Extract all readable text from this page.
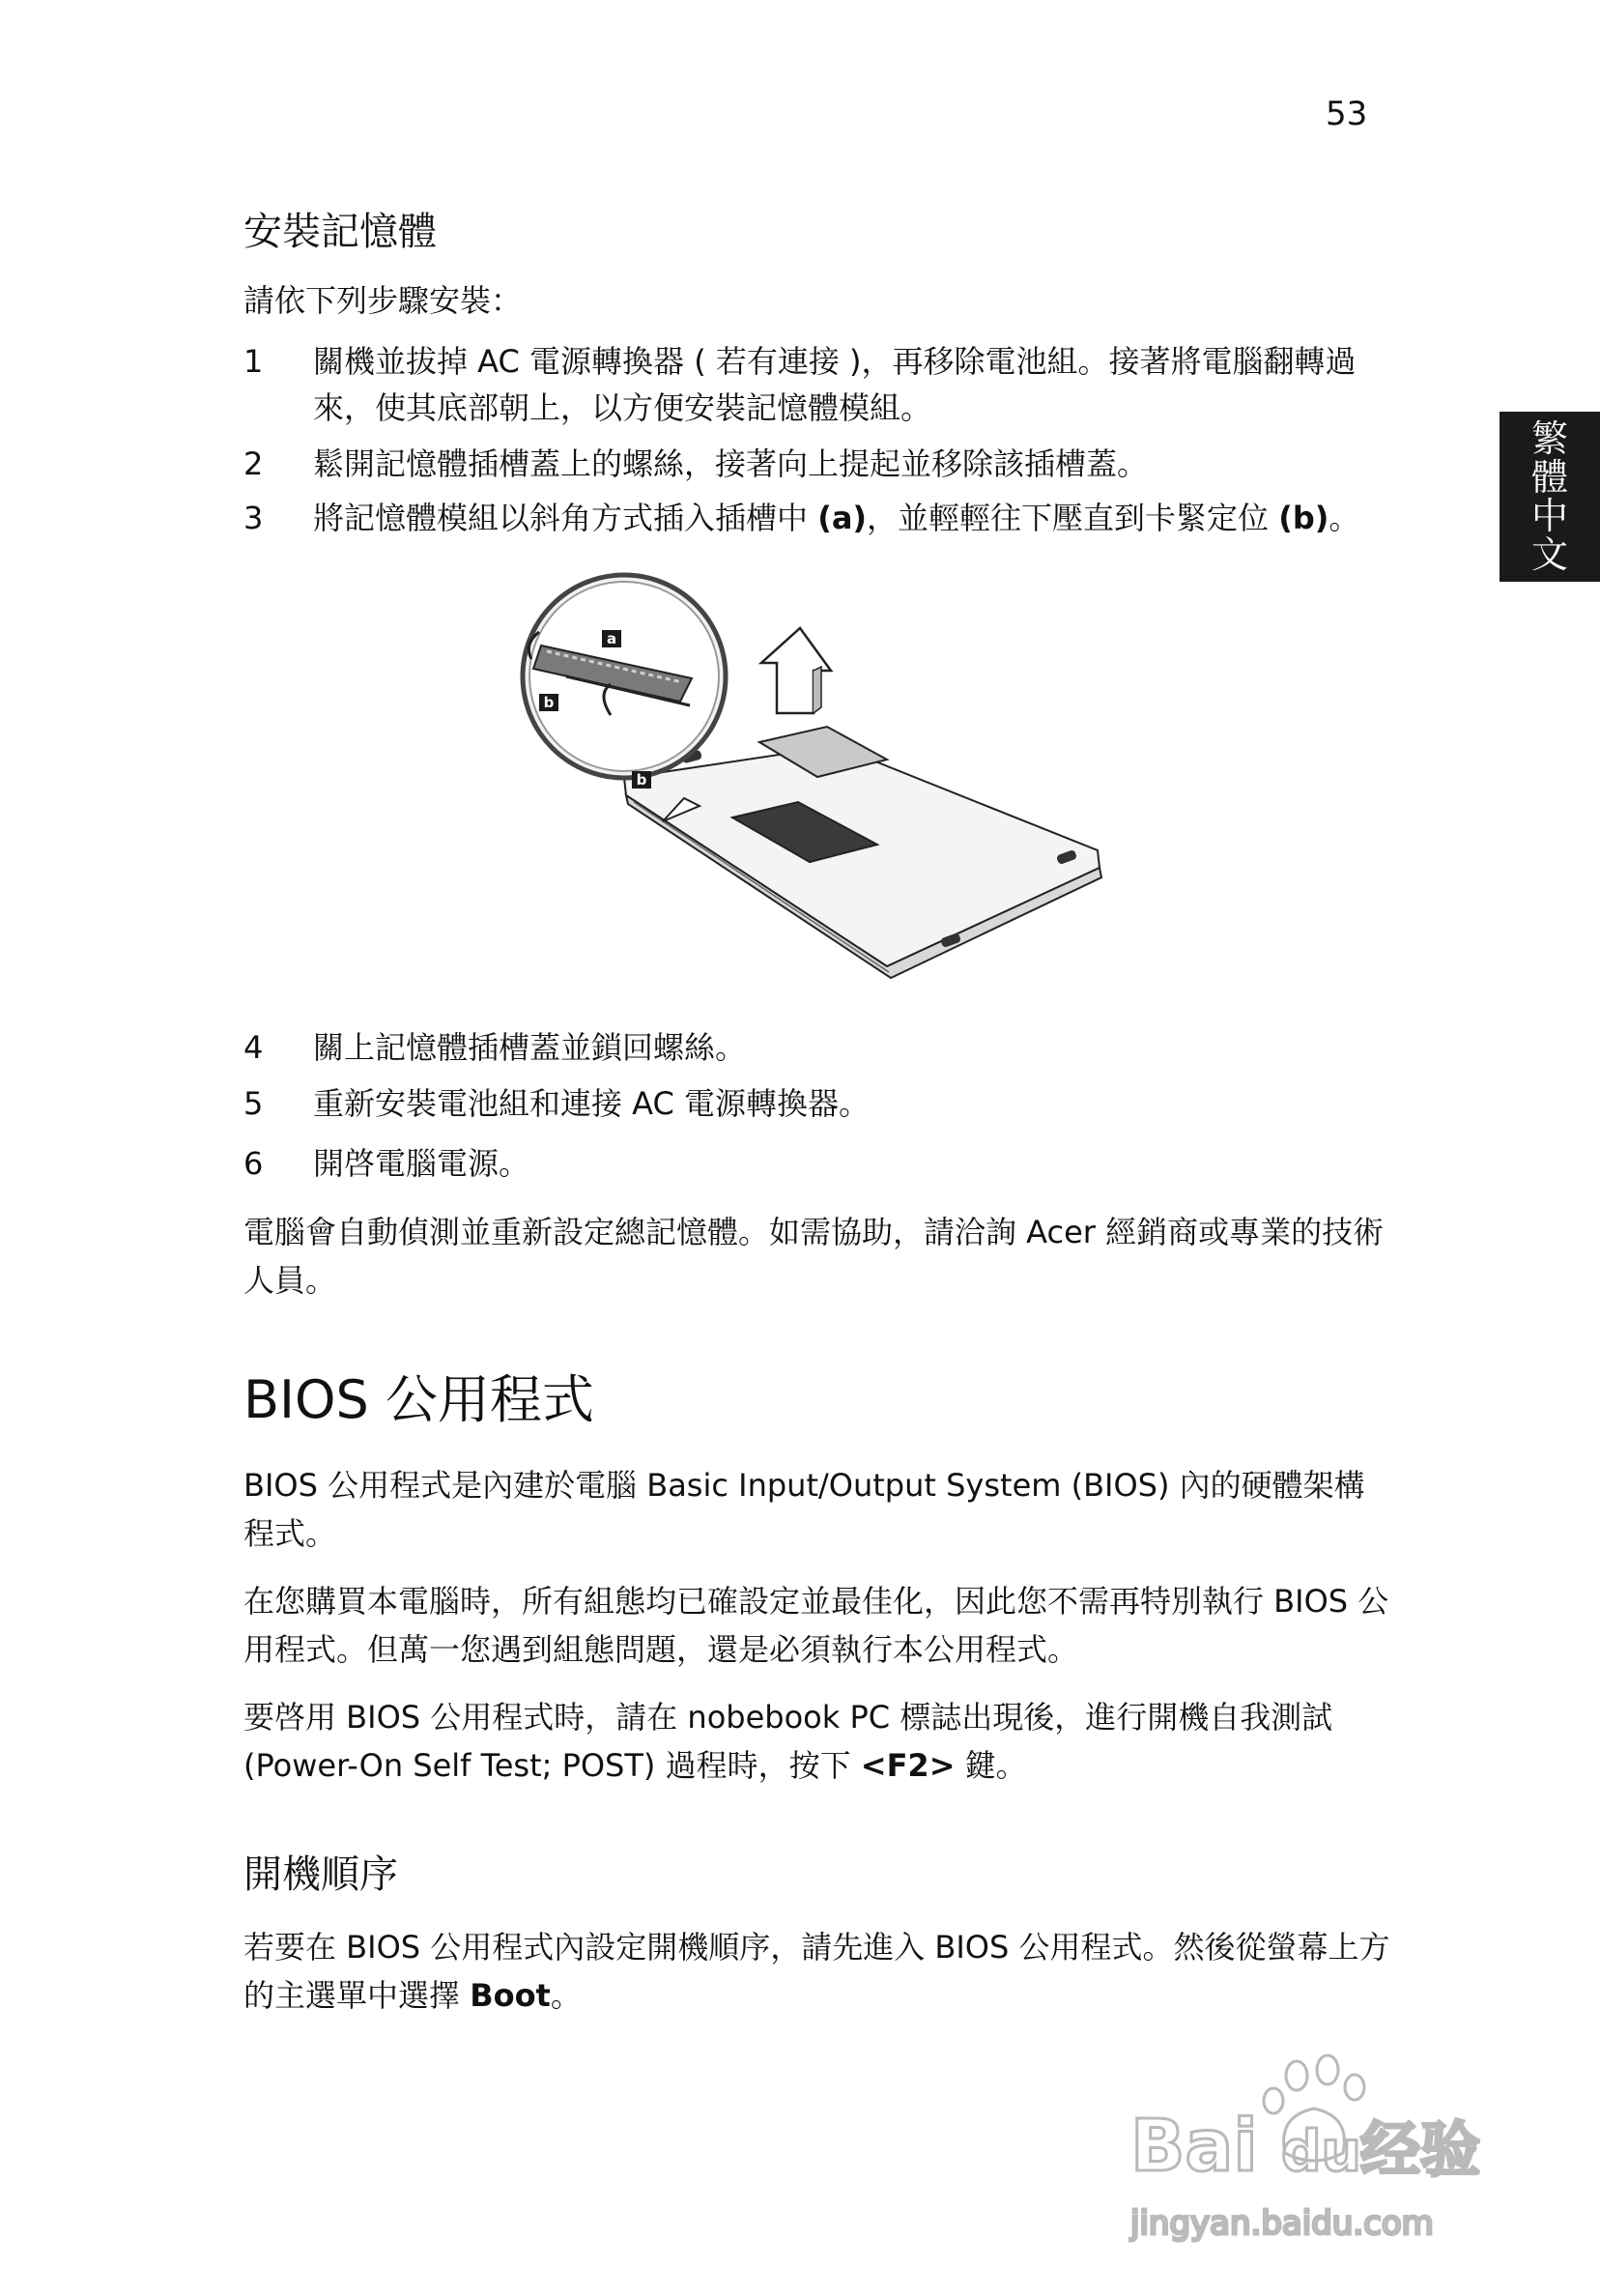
53
繁
體
中
文
安裝記憶體

請依下列步驟安裝：

1	關機並拔掉 AC 電源轉換器 ( 若有連接 )，再移除電池組。接著將電腦翻轉過來，使其底部朝上，以方便安裝記憶體模組。
2	鬆開記憶體插槽蓋上的螺絲，接著向上提起並移除該插槽蓋。
3	將記憶體模組以斜角方式插入插槽中 (a)，並輕輕往下壓直到卡緊定位 (b)。
a
b
b
4	關上記憶體插槽蓋並鎖回螺絲。
5	重新安裝電池組和連接 AC 電源轉換器。
6	開啓電腦電源。

電腦會自動偵測並重新設定總記憶體。如需協助，請洽詢 Acer 經銷商或專業的技術人員。

BIOS 公用程式

BIOS 公用程式是內建於電腦 Basic Input/Output System (BIOS) 內的硬體架構程式。

在您購買本電腦時，所有組態均已確設定並最佳化，因此您不需再特別執行 BIOS 公用程式。但萬一您遇到組態問題，還是必須執行本公用程式。

要啓用 BIOS 公用程式時，請在 nobebook PC 標誌出現後，進行開機自我測試 (Power-On Self Test; POST) 過程時，按下 <F2> 鍵。

開機順序

若要在 BIOS 公用程式內設定開機順序，請先進入 BIOS 公用程式。然後從螢幕上方的主選單中選擇 Boot。

Bai du 经验
jingyan.baidu.com
